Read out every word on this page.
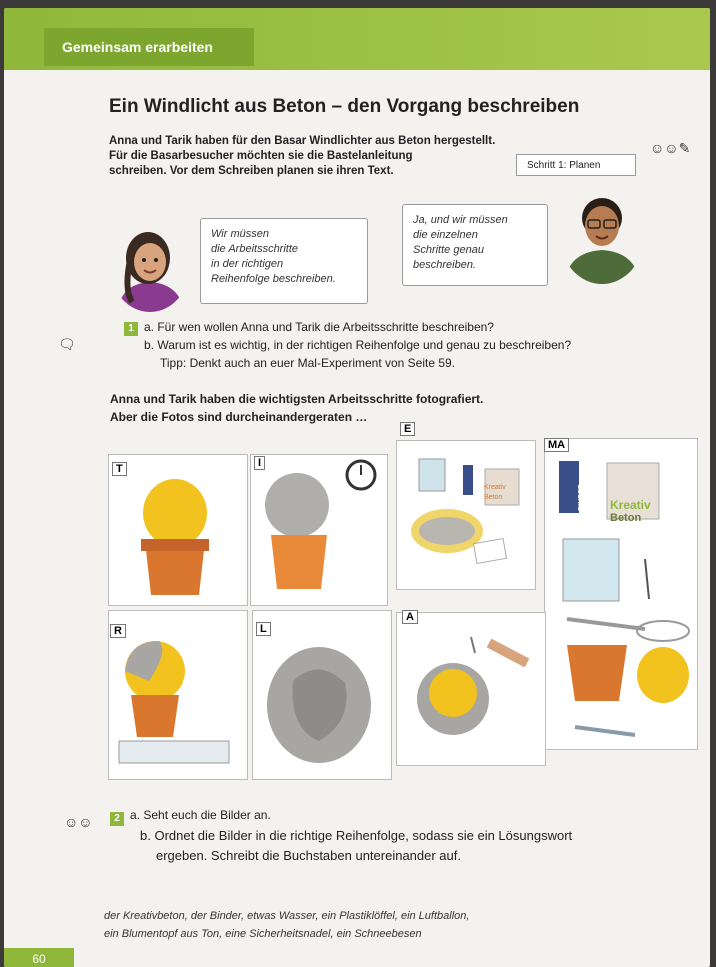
Gemeinsam erarbeiten
Ein Windlicht aus Beton – den Vorgang beschreiben
Anna und Tarik haben für den Basar Windlichter aus Beton hergestellt.
Für die Basarbesucher möchten sie die Bastelanleitung
schreiben. Vor dem Schreiben planen sie ihren Text.	Schritt 1: Planen
☺☺✎
Wir müssen
die Arbeitsschritte
in der richtigen
Reihenfolge beschreiben.
Ja, und wir müssen
die einzelnen
Schritte genau
beschreiben.
🗨
1 a. Für wen wollen Anna und Tarik die Arbeitsschritte beschreiben?
b. Warum ist es wichtig, in der richtigen Reihenfolge und genau zu beschreiben?
Tipp: Denkt auch an euer Mal-Experiment von Seite 59.
Anna und Tarik haben die wichtigsten Arbeitsschritte fotografiert.
Aber die Fotos sind durcheinandergeraten …
T	I
E
MA
BINDER Kreativ
Beton
Kreativ
Beton
R	L
A
☺☺	2 a. Seht euch die Bilder an.
b. Ordnet die Bilder in die richtige Reihenfolge, sodass sie ein Lösungswort
ergeben. Schreibt die Buchstaben untereinander auf.
der Kreativbeton, der Binder, etwas Wasser, ein Plastiklöffel, ein Luftballon,
ein Blumentopf aus Ton, eine Sicherheitsnadel, ein Schneebesen
60
